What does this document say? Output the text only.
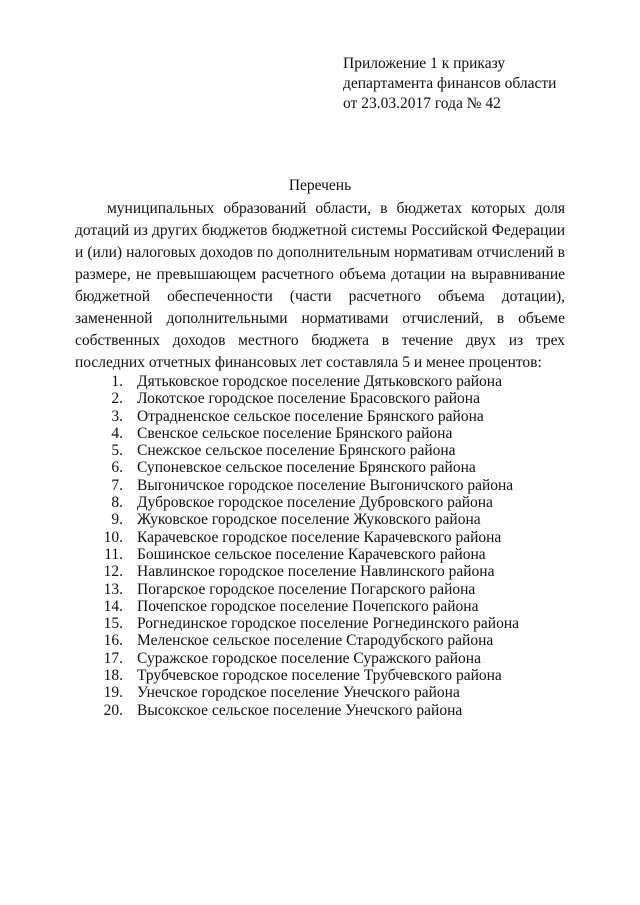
Приложение 1 к приказу
департамента финансов области
от 23.03.2017 года № 42
Перечень
муниципальных образований области, в бюджетах которых доля дотаций из других бюджетов бюджетной системы Российской Федерации и (или) налоговых доходов по дополнительным нормативам отчислений в размере, не превышающем расчетного объема дотации на выравнивание бюджетной обеспеченности (части расчетного объема дотации), замененной дополнительными нормативами отчислений, в объеме собственных доходов местного бюджета в течение двух из трех последних отчетных финансовых лет составляла 5 и менее процентов:
1. Дятьковское городское поселение Дятьковского района
2. Локотское городское поселение Брасовского района
3. Отрадненское сельское поселение Брянского района
4. Свенское сельское поселение Брянского района
5. Снежское сельское поселение Брянского района
6. Супоневское сельское поселение Брянского района
7. Выгоничское городское поселение Выгоничского района
8. Дубровское городское поселение Дубровского района
9. Жуковское городское поселение Жуковского района
10. Карачевское городское поселение Карачевского района
11. Бошинское сельское поселение Карачевского района
12. Навлинское городское поселение Навлинского района
13. Погарское городское поселение Погарского района
14. Почепское городское поселение Почепского района
15. Рогнединское городское поселение Рогнединского района
16. Меленское сельское поселение Стародубского района
17. Суражское городское поселение Суражского района
18. Трубчевское городское поселение Трубчевского района
19. Унечское городское поселение Унечского района
20. Высокское сельское поселение Унечского района
